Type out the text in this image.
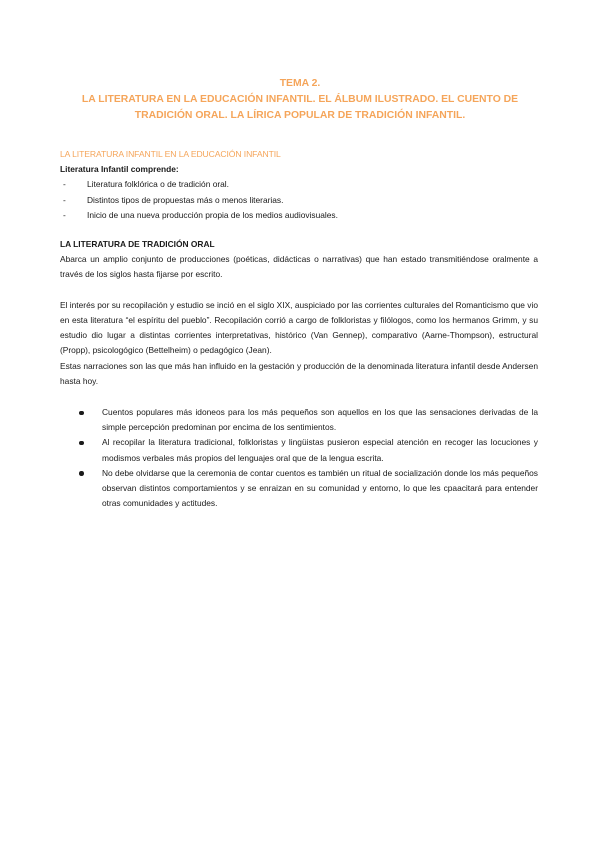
TEMA 2.
LA LITERATURA EN LA EDUCACIÓN INFANTIL. EL ÁLBUM ILUSTRADO. EL CUENTO DE
TRADICIÓN ORAL. LA LÍRICA POPULAR DE TRADICIÓN INFANTIL.
LA LITERATURA INFANTIL EN LA EDUCACIÓN INFANTIL
Literatura Infantil comprende:
-	Literatura folklórica o de tradición oral.
-	Distintos tipos de propuestas más o menos literarias.
-	Inicio de una nueva producción propia de los medios audiovisuales.
LA LITERATURA DE TRADICIÓN ORAL

Abarca un amplio conjunto de producciones (poéticas, didácticas o narrativas) que han estado transmitiéndose oralmente a través de los siglos hasta fijarse por escrito.

El interés por su recopilación y estudio se inció en el siglo XIX, auspiciado por las corrientes culturales del Romanticismo que vio en esta literatura “el espíritu del pueblo”. Recopilación corrió a cargo de folkloristas y filólogos, como los hermanos Grimm, y su estudio dio lugar a distintas corrientes interpretativas, histórico (Van Gennep), comparativo (Aarne-Thompson), estructural (Propp), psicologógico (Bettelheim) o pedagógico (Jean).

Estas narraciones son las que más han influido en la gestación y producción de la denominada literatura infantil desde Andersen hasta hoy.

Cuentos populares más idoneos para los más pequeños son aquellos en los que las sensaciones derivadas de la simple percepción predominan por encima de los sentimientos.
Al recopilar la literatura tradicional, folkloristas y lingüistas pusieron especial atención en recoger las locuciones y modismos verbales más propios del lenguajes oral que de la lengua escrita.
No debe olvidarse que la ceremonia de contar cuentos es también un ritual de socialización donde los más pequeños observan distintos comportamientos y se enraizan en su comunidad y entorno, lo que les cpaacitará para entender otras comunidades y actitudes.
